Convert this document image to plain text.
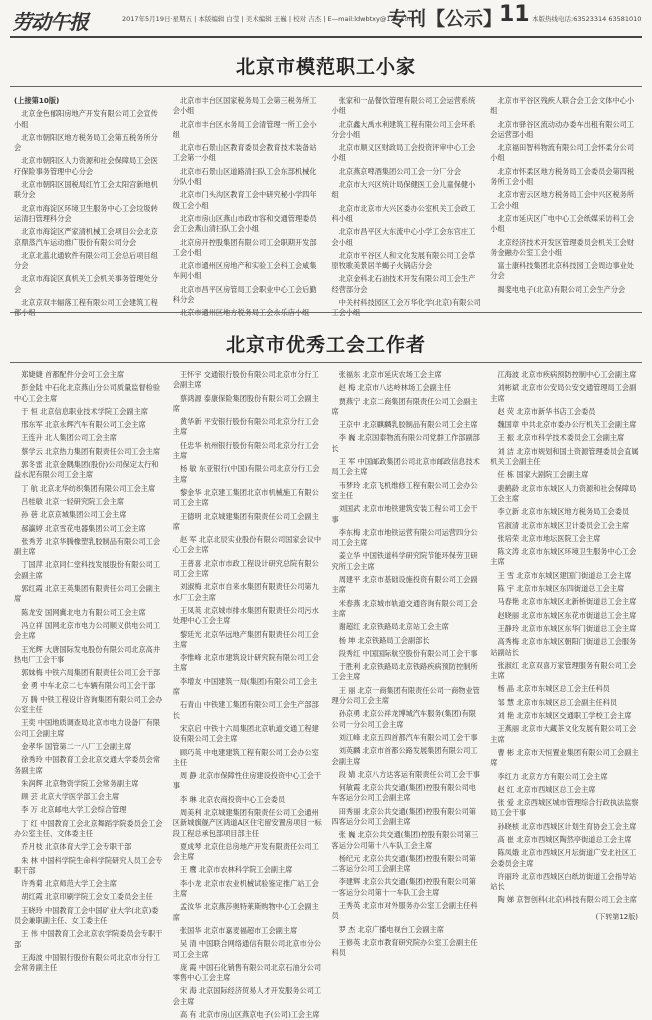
劳动午报	2017年5月19日·星期五 | 本版编辑 白莹 | 美术编辑 王巍 | 校对 吉杰 | E—mail:ldwbtxy@126.com
专刊【公示】
11 本版热线电话:63523314 63581010
北京市模范职工小家

(上接第10版)

北京金色郁阳房地产开发有限公司工会宣传小组

北京市朝阳区地方税务局工会第五税务所分会

北京市朝阳区人力资源和社会保障局工会医疗保险事务管理中心分会

北京市朝阳区国税局红竹工会太阳宫新地机联分会

北京市海淀区环境卫生服务中心工会垃圾转运清扫管理科分会

北京市海淀区严家清机械工会项目公会北京京鼎蒸汽车运动推广股份有限公司分会

北京北蓝北通软件有限公司工会总后项目组分会

北京市海淀区真机关工会机关事务管理处分会

北京京双丰辐落工程有限公司工会建筑工程部小组

北京市丰台区国家税务局工会第三税务所工会小组

北京市丰台区水务局工会清管理一所工会小组

北京市石景山区教育委员会教育技术装备站工会第一小组

北京市石景山区道路清扫队工会东部机械化分队小组

北京市门头沟区教育工会中研究秘小学四年级工会小组

北京市房山区燕山市政市容和交通管理委员会工会燕山清扫队工会小组

北京房开控股集团有限公司工会职期开发部工会小组

北京市通州区房地产和实验工会科工会咸集车间小组

北京市昌平区房管局工会职业中心工会后勤科分会

北京市通州区地方税务局工会永乐店小组

张家和一品餐饮管理有限公司工会运营系统小组

北京鑫大禹水利建筑工程有限公司工会环系分会小组

北京市顺义区财政局工会投资评审中心工会小组

北京燕京啤酒集团公司工会一分厂分会

北京市大兴区统计局保健医工会儿童保健小组

北京市北京市大兴区委办公室机关工会政工科小组

北京市昌平区大东流中心小学工会东官庄工会小组

北京市平谷区人和文化发展有限公司工会草原牧歌美景居羊蝎子火锅店分会

北京金科北石油技术开发有限公司工会生产经营部分会

中关村科技园区工会万华化学(北京)有限公司工会小组

北京市平谷区残疾人联合会工会文体中心小组

北京市驿谷区流动动办委车出租有限公司工会运营部小组

北京福田智科物流有限公司工会怀柔分公司小组

北京市怀柔区地方税务局工会委员会第四税务所工会小组

北京市密云区地方税务局工会中兴区税务所工会小组

北京市延庆区广电中心工会纸媒采访科工会小组

北京经济技术开发区管理委员会机关工会财务金融办公室工会小组

富士康科技集团北京科技园工会周边事业处分会

揭斐电电子(北京)有限公司工会生产分会

北京市优秀工会工作者

郑婕婕 首都配件分会可工会主席

彭金陆 中石化北京燕山分公司质量监督检验中心工会主席

于 恒 北京信息职业技术学院工会副主席

邢东军 北京永辉汽车有限公司工会主席

王连升 北人集团公司工会主席

蔡学云 北京热力集团有限责任公司工会主席

郭冬雷 北京金隅集团(股份)公司保定太行和益水泥有限公司工会主席

丁 航 北京北华纺织集团有限公司工会主席

吕桂敏 北京一轻研究院工会主席

孙 蓓 北京京城集团公司工会主席

郝瀛婷 北京雪花电器集团公司工会主席

张秀芳 北京华腾橡塑乳胶制品有限公司工会副主席

丁国萍 北京同仁堂科技发展股份有限公司工会副主席

郭红霞 北京王英集团有限责任公司工会副主席

陈龙安 国网冀北电力有限公司工会主席

冯立祥 国网北京市电力公司顺义供电公司工会主席

王光辉 大唐国际发电股份有限公司北京高井热电厂工会干事

郭妹梅 中铁六局集团有限责任公司工会干部

金 勇 中车北京二七车辆有限公司工会干部

万 腾 中铁工程设计咨询集团有限公司工会办公室主任

王奕 中国地质调查局北京市电力设备厂有限公司工会副主席

金孝华 国管第二一八厂工会副主席

徐秀玲 中国教育工会北京交通大学委员会常务副主席

朱润辉 北京物资学院工会常务副主席

顾 芸 北京大学医学部工会主席

李 万 北京邮电大学工会综合管理

丁 红 中国教育工会北京舞蹈学院委员会工会办公室主任、文体委主任

乔月枝 北京体育大学工会专职干部

朱 林 中国科学院生命科学院研究人员工会专职干部

许秀菊 北京师范大学工会主席

胡红霞 北京印刷学院工会女工委员会主任

王晓玲 中国教育工会中国矿业大学(北京)委员会兼职副主任、女工委主任

王 伟 中国教育工会北京农学院委员会专职干部

王海波 中国银行股份有限公司北京市分行工会常务副主任

王怀宇 交通银行股份有限公司北京市分行工会副主席

蔡鸿源 泰康保险集团股份有限公司工会副主席

黄华新 平安银行股份有限公司北京分行工会主席

任忠华 杭州银行股份有限公司北京分行工会主席

杨 敏 东亚银行(中国)有限公司北京分行工会主席

黎金华 北京建工集团北京市机械施工有限公司工会主席

王德明 北京城建集团有限责任公司工会副主席

赵 军 北京北辰实业股份有限公司国家会议中心工会主席

王普喜 北京市市政工程设计研究总院有限公司工会主席

刘淑梅 北京市自来水集团有限责任公司第九水厂工会主席

王凤英 北京城市排水集团有限责任公司污水处理中心工会主席

黎廷光 北京华远地产集团有限责任公司工会主席

李惟峰 北京市建筑设计研究院有限公司工会主席

李增友 中国建筑一局(集团)有限公司工会主席

石青山 中铁建工集团有限公司工会生产部部长

宋京启 中铁十六局集团北京轨道交通工程建设有限公司工会主席

顾巧英 中电建建筑工程有限公司工会办公室主任

周 静 北京市保障性住房建设投资中心工会干事

李 琳 北京农商投资中心工会委员

周美利 北京城建集团有限责任公司工会通州区新城旗舰产区鸿道A区住宅留安置房项目一标段工程总承包部项目部主任

夏成琴 北京住总房地产开发有限责任公司工会主席

王 鹰 北京市农林科学院工会副主席

李小龙 北京市农业机械试验鉴定推广站工会主席

孟汝华 北京燕莎奥特莱斯购物中心工会副主席

张国华 北京市嘉麦福超市工会副主席

吴 清 中国联合网络通信有限公司北京市分公司工会主席

庞 霞 中国石化销售有限公司北京石油分公司零售中心工会主席

宋 海 北京国际经济贸易人才开发服务公司工会主席

高 有 北京市房山区燕京电子(公司)工会主席

张福东 北京市延庆农场工会主席

赵 梅 北京市八达岭林场工会副主任

贾燕宁 北京二商集团有限责任公司工会副主席

王京中 北京麒麟乳胶制品有限公司工会主席

李 巍 北京国泰物流有限公司党群工作部副部长

王 军 中国邮政集团公司北京市邮政信息技术局工会主席

韦梦玲 北京飞机维修工程有限公司工会办公室主任

刘国武 北京市地铁建筑安装工程公司工会干事

李东梅 北京市地铁运营有限公司运营四分公司工会主席

姜立华 中国铁道科学研究院节能环保劳卫研究所工会主席

周建平 北京市基础设施投资有限公司工会副主席

米春燕 北京城市轨道交通咨询有限公司工会主席

谢超红 北京铁路局北京站工会主席

杨 坤 北京铁路局工会副部长

段秀红 中国国际航空股份有限公司工会干事

于胜利 北京铁路局北京铁路疾病预防控制所工会主席

王 丽 北京一商集团有限责任公司一商物业管理分公司工会主席

孙京勇 北京公祥龙博城汽车服务(集团)有限公司一分公司工会主席

刘江峰 北京五四首都汽车有限公司工会干事

刘英麟 北京市首都公路发展集团有限公司工会副主席

段 婧 北京八方达客运有限责任公司工会干事

何敏霞 北京公共交通(集团)控股有限公司电车客运分公司工会副主席

田秀丽 北京公共交通(集团)控股有限公司第四客运分公司工会副主席

张 巍 北京公共交通(集团)控股有限公司第三客运分公司第十八车队工会主席

杨纪元 北京公共交通(集团)控股有限公司第二客运分公司工会副主席

李建辉 北京公共交通(集团)控股有限公司第一客运分公司第十一车队工会主席

王秀英 北京市对外服务办公室工会副主任科员

罗 杰 北京广播电视台工会副主席

王修英 北京市教育研究院办公室工会副主任科员

江海波 北京市疾病预防控制中心工会副主席

刘彬斌 北京市公安局公安交通管理局工会副主席

赵 荧 北京市新华书店工会委员

魏国章 中共北京市委办公厅机关工会副主席

王 振 北京市科学技术委员会工会副主席

刘 洁 北京市规划和国土资源管理委员会直属机关工会副主任

任 栋 国家大剧院工会副主席

裴鹤龄 北京市东城区人力资源和社会保障局工会主席

李立新 北京市东城区地方税务局工会委员

官淑清 北京市东城区卫计委员会工会主席

张培荣 北京市地坛医院工会主席

陈文涛 北京市东城区环境卫生服务中心工会主席

王 雪 北京市东城区建国门街道总工会主席

陈 宇 北京市东城区东四街道总工会主席

马春艳 北京市东城区北新桥街道总工会主席

赵晓丽 北京市东城区东花市街道总工会主席

王静玲 北京市东城区东华门街道总工会主席

高秀梅 北京市东城区朝阳门街道总工会服务站副站长

张淑红 北京双喜万家管理服务有限公司工会主席

杨 晶 北京市东城区总工会主任科员

邹 慧 北京市东城区总工会副主任科员

刘 艳 北京市东城区交通职工学校工会主席

王燕丽 北京市大藏茶文化发展有限公司工会主席

曹 彬 北京市天恒置业集团有限公司工会副主席

李红力 北京方方有限公司工会主席

赵 红 北京市西城区总工会主席

张 爱 北京西城区城市管理综合行政执法监察局工会干事

孙晓桢 北京市西城区计划生育协会工会主席

高 崔 北京市西城区陶然亭街道总工会主席

陈凤娥 北京市西城区月坛街道广安北社区工会委员会主席

许丽玲 北京市西城区白纸坊街道工会指导站站长

陶 娣 京智创科(北京)科技有限公司工会主席

(下转第12版)
